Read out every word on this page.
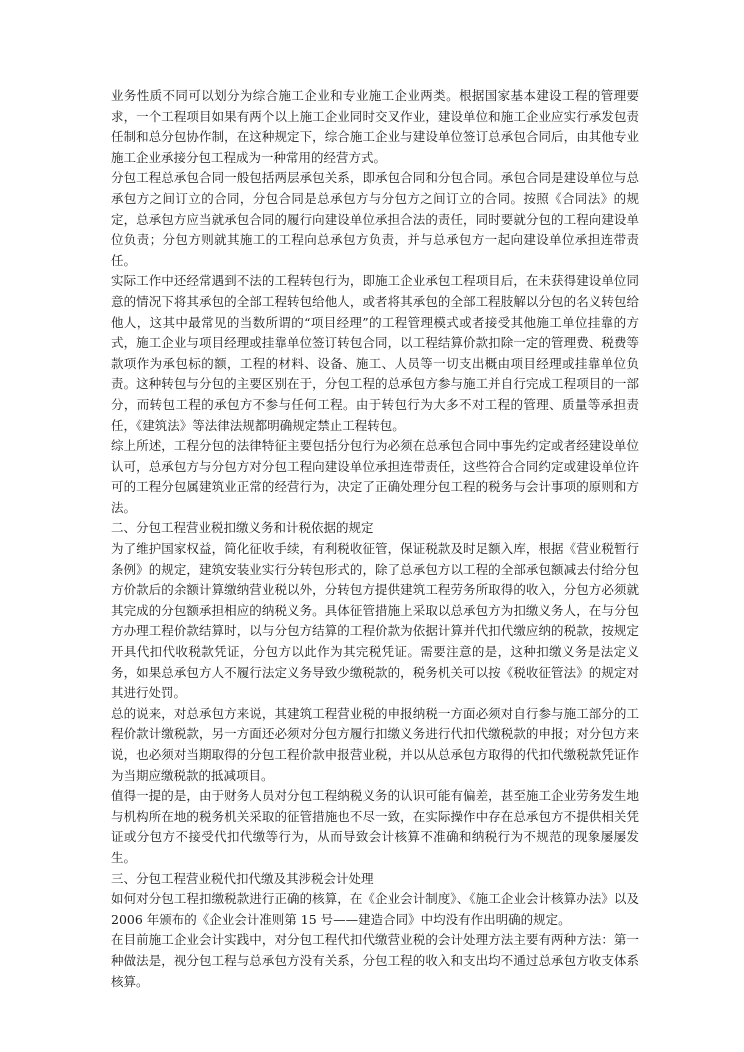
业务性质不同可以划分为综合施工企业和专业施工企业两类。根据国家基本建设工程的管理要求，一个工程项目如果有两个以上施工企业同时交叉作业，建设单位和施工企业应实行承发包责任制和总分包协作制，在这种规定下，综合施工企业与建设单位签订总承包合同后，由其他专业施工企业承接分包工程成为一种常用的经营方式。

分包工程总承包合同一般包括两层承包关系，即承包合同和分包合同。承包合同是建设单位与总承包方之间订立的合同，分包合同是总承包方与分包方之间订立的合同。按照《合同法》的规定，总承包方应当就承包合同的履行向建设单位承担合法的责任，同时要就分包的工程向建设单位负责；分包方则就其施工的工程向总承包方负责，并与总承包方一起向建设单位承担连带责任。

实际工作中还经常遇到不法的工程转包行为，即施工企业承包工程项目后，在未获得建设单位同意的情况下将其承包的全部工程转包给他人，或者将其承包的全部工程肢解以分包的名义转包给他人，这其中最常见的当数所谓的“项目经理”的工程管理模式或者接受其他施工单位挂靠的方式，施工企业与项目经理或挂靠单位签订转包合同，以工程结算价款扣除一定的管理费、税费等款项作为承包标的额，工程的材料、设备、施工、人员等一切支出概由项目经理或挂靠单位负责。这种转包与分包的主要区别在于，分包工程的总承包方参与施工并自行完成工程项目的一部分，而转包工程的承包方不参与任何工程。由于转包行为大多不对工程的管理、质量等承担责任，《建筑法》等法律法规都明确规定禁止工程转包。

综上所述，工程分包的法律特征主要包括分包行为必须在总承包合同中事先约定或者经建设单位认可，总承包方与分包方对分包工程向建设单位承担连带责任，这些符合合同约定或建设单位许可的工程分包属建筑业正常的经营行为，决定了正确处理分包工程的税务与会计事项的原则和方法。

二、分包工程营业税扣缴义务和计税依据的规定

为了维护国家权益，简化征收手续，有利税收征管，保证税款及时足额入库，根据《营业税暂行条例》的规定，建筑安装业实行分转包形式的，除了总承包方以工程的全部承包额减去付给分包方价款后的余额计算缴纳营业税以外，分转包方提供建筑工程劳务所取得的收入，分包方必须就其完成的分包额承担相应的纳税义务。具体征管措施上采取以总承包方为扣缴义务人，在与分包方办理工程价款结算时，以与分包方结算的工程价款为依据计算并代扣代缴应纳的税款，按规定开具代扣代收税款凭证，分包方以此作为其完税凭证。需要注意的是，这种扣缴义务是法定义务，如果总承包方人不履行法定义务导致少缴税款的，税务机关可以按《税收征管法》的规定对其进行处罚。

总的说来，对总承包方来说，其建筑工程营业税的申报纳税一方面必须对自行参与施工部分的工程价款计缴税款，另一方面还必须对分包方履行扣缴义务进行代扣代缴税款的申报；对分包方来说，也必须对当期取得的分包工程价款申报营业税，并以从总承包方取得的代扣代缴税款凭证作为当期应缴税款的抵减项目。

值得一提的是，由于财务人员对分包工程纳税义务的认识可能有偏差，甚至施工企业劳务发生地与机构所在地的税务机关采取的征管措施也不尽一致，在实际操作中存在总承包方不提供相关凭证或分包方不接受代扣代缴等行为，从而导致会计核算不准确和纳税行为不规范的现象屡屡发生。

三、分包工程营业税代扣代缴及其涉税会计处理

如何对分包工程扣缴税款进行正确的核算，在《企业会计制度》、《施工企业会计核算办法》以及 2006 年颁布的《企业会计准则第 15 号——建造合同》中均没有作出明确的规定。

在目前施工企业会计实践中，对分包工程代扣代缴营业税的会计处理方法主要有两种方法：第一种做法是，视分包工程与总承包方没有关系，分包工程的收入和支出均不通过总承包方收支体系核算。
